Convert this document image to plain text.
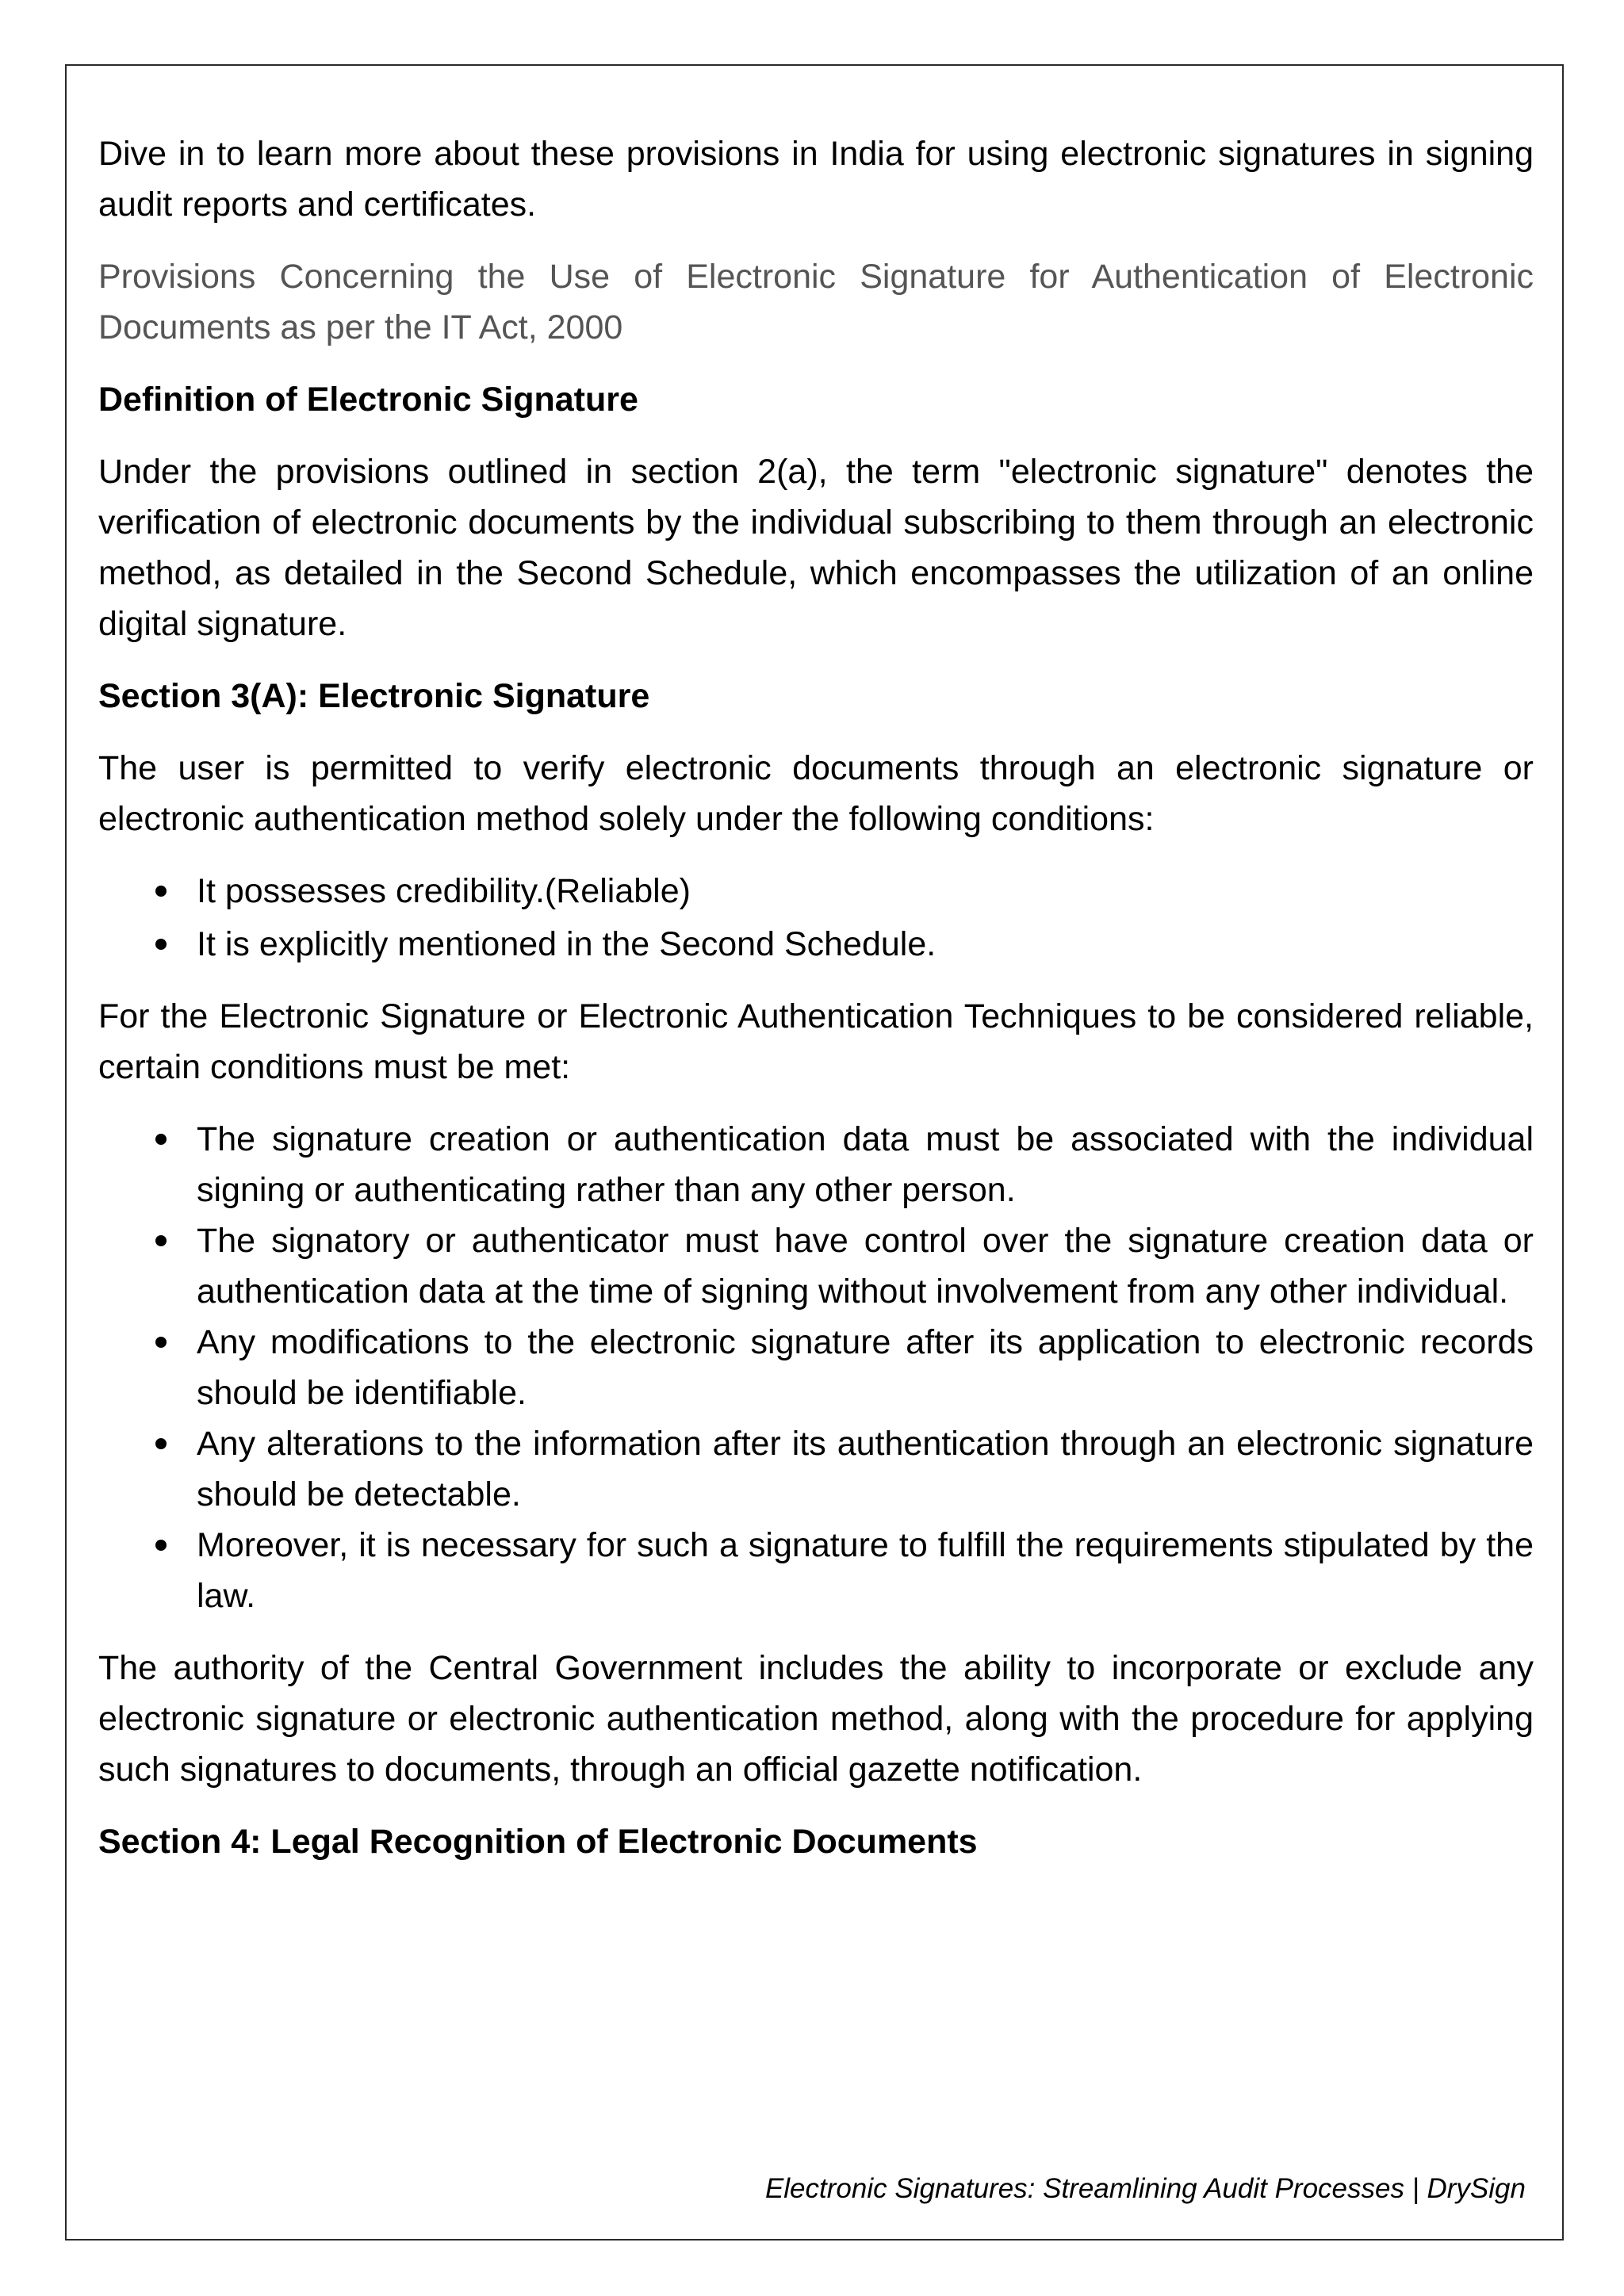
Dive in to learn more about these provisions in India for using electronic signatures in signing audit reports and certificates.

Provisions Concerning the Use of Electronic Signature for Authentication of Electronic Documents as per the IT Act, 2000

Definition of Electronic Signature

Under the provisions outlined in section 2(a), the term "electronic signature" denotes the verification of electronic documents by the individual subscribing to them through an electronic method, as detailed in the Second Schedule, which encompasses the utilization of an online digital signature.

Section 3(A): Electronic Signature

The user is permitted to verify electronic documents through an electronic signature or electronic authentication method solely under the following conditions:

It possesses credibility.(Reliable)
It is explicitly mentioned in the Second Schedule.

For the Electronic Signature or Electronic Authentication Techniques to be considered reliable, certain conditions must be met:

The signature creation or authentication data must be associated with the individual signing or authenticating rather than any other person.
The signatory or authenticator must have control over the signature creation data or authentication data at the time of signing without involvement from any other individual.
Any modifications to the electronic signature after its application to electronic records should be identifiable.
Any alterations to the information after its authentication through an electronic signature should be detectable.
Moreover, it is necessary for such a signature to fulfill the requirements stipulated by the law.

The authority of the Central Government includes the ability to incorporate or exclude any electronic signature or electronic authentication method, along with the procedure for applying such signatures to documents, through an official gazette notification.

Section 4: Legal Recognition of Electronic Documents
Electronic Signatures: Streamlining Audit Processes | DrySign
